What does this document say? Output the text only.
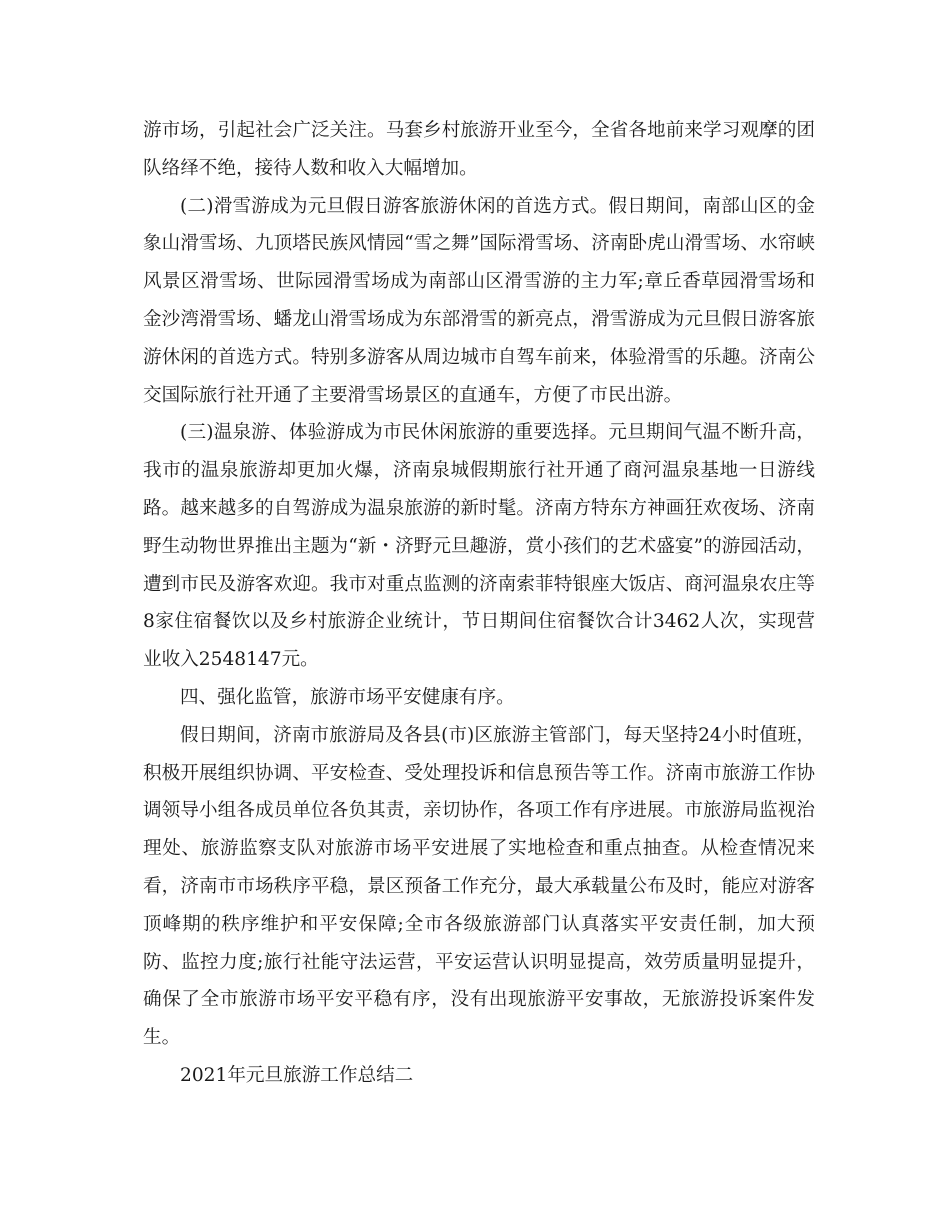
游市场，引起社会广泛关注。马套乡村旅游开业至今，全省各地前来学习观摩的团队络绎不绝，接待人数和收入大幅增加。

(二)滑雪游成为元旦假日游客旅游休闲的首选方式。假日期间，南部山区的金象山滑雪场、九顶塔民族风情园“雪之舞”国际滑雪场、济南卧虎山滑雪场、水帘峡风景区滑雪场、世际园滑雪场成为南部山区滑雪游的主力军;章丘香草园滑雪场和金沙湾滑雪场、蟠龙山滑雪场成为东部滑雪的新亮点，滑雪游成为元旦假日游客旅游休闲的首选方式。特别多游客从周边城市自驾车前来，体验滑雪的乐趣。济南公交国际旅行社开通了主要滑雪场景区的直通车，方便了市民出游。

(三)温泉游、体验游成为市民休闲旅游的重要选择。元旦期间气温不断升高，我市的温泉旅游却更加火爆，济南泉城假期旅行社开通了商河温泉基地一日游线路。越来越多的自驾游成为温泉旅游的新时髦。济南方特东方神画狂欢夜场、济南野生动物世界推出主题为“新・济野元旦趣游，赏小孩们的艺术盛宴”的游园活动，遭到市民及游客欢迎。我市对重点监测的济南索菲特银座大饭店、商河温泉农庄等8家住宿餐饮以及乡村旅游企业统计，节日期间住宿餐饮合计3462人次，实现营业收入2548147元。

四、强化监管，旅游市场平安健康有序。

假日期间，济南市旅游局及各县(市)区旅游主管部门，每天坚持24小时值班，积极开展组织协调、平安检查、受处理投诉和信息预告等工作。济南市旅游工作协调领导小组各成员单位各负其责，亲切协作，各项工作有序进展。市旅游局监视治理处、旅游监察支队对旅游市场平安进展了实地检查和重点抽查。从检查情况来看，济南市市场秩序平稳，景区预备工作充分，最大承载量公布及时，能应对游客顶峰期的秩序维护和平安保障;全市各级旅游部门认真落实平安责任制，加大预防、监控力度;旅行社能守法运营，平安运营认识明显提高，效劳质量明显提升，确保了全市旅游市场平安平稳有序，没有出现旅游平安事故，无旅游投诉案件发生。

2021年元旦旅游工作总结二
